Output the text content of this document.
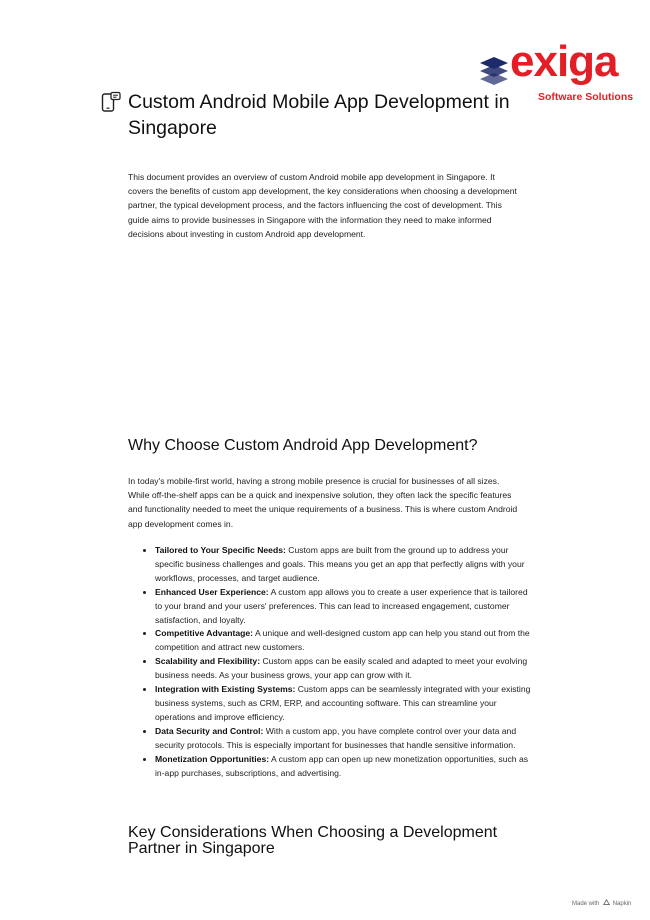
exiga
Software Solutions
Custom Android Mobile App Development in Singapore

This document provides an overview of custom Android mobile app development in Singapore. It covers the benefits of custom app development, the key considerations when choosing a development partner, the typical development process, and the factors influencing the cost of development. This guide aims to provide businesses in Singapore with the information they need to make informed decisions about investing in custom Android app development.

Why Choose Custom Android App Development?

In today's mobile-first world, having a strong mobile presence is crucial for businesses of all sizes. While off-the-shelf apps can be a quick and inexpensive solution, they often lack the specific features and functionality needed to meet the unique requirements of a business. This is where custom Android app development comes in.

• Tailored to Your Specific Needs: Custom apps are built from the ground up to address your specific business challenges and goals. This means you get an app that perfectly aligns with your workflows, processes, and target audience.
• Enhanced User Experience: A custom app allows you to create a user experience that is tailored to your brand and your users' preferences. This can lead to increased engagement, customer satisfaction, and loyalty.
• Competitive Advantage: A unique and well-designed custom app can help you stand out from the competition and attract new customers.
• Scalability and Flexibility: Custom apps can be easily scaled and adapted to meet your evolving business needs. As your business grows, your app can grow with it.
• Integration with Existing Systems: Custom apps can be seamlessly integrated with your existing business systems, such as CRM, ERP, and accounting software. This can streamline your operations and improve efficiency.
• Data Security and Control: With a custom app, you have complete control over your data and security protocols. This is especially important for businesses that handle sensitive information.
• Monetization Opportunities: A custom app can open up new monetization opportunities, such as in-app purchases, subscriptions, and advertising.
Key Considerations When Choosing a Development Partner in Singapore
Made with Napkin
